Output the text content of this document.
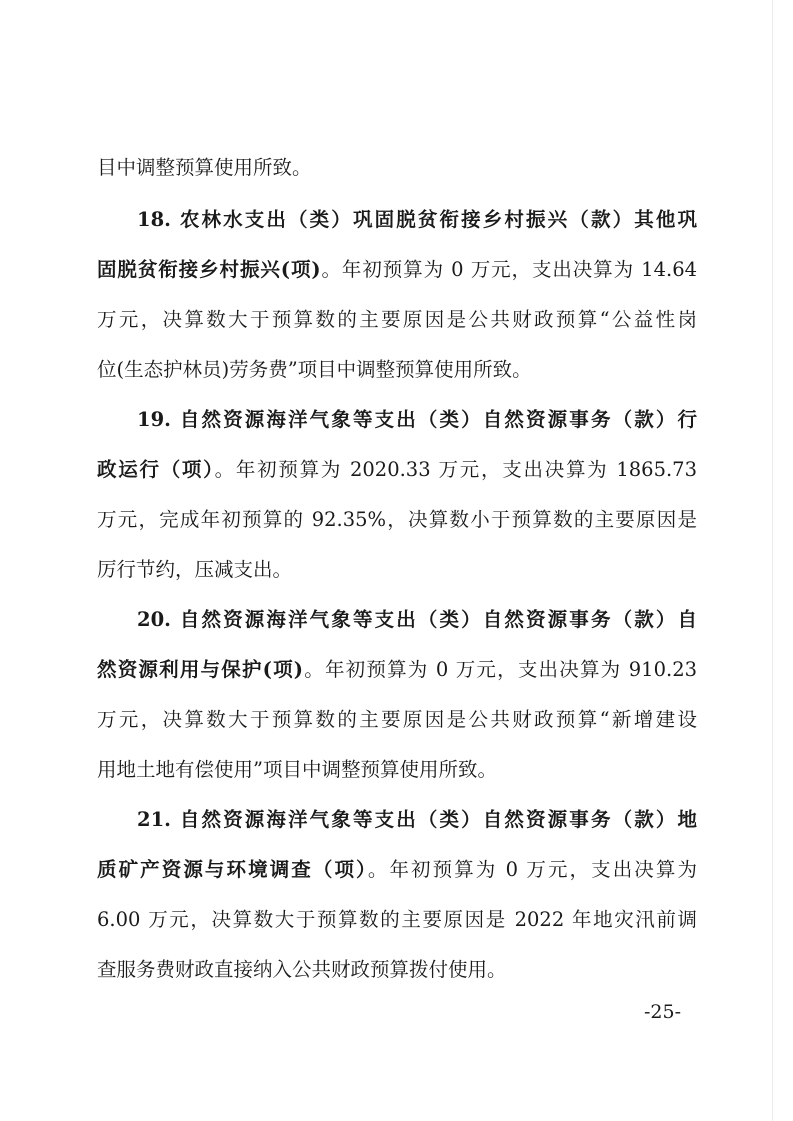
目中调整预算使用所致。
18. 农林水支出（类）巩固脱贫衔接乡村振兴（款）其他巩
固脱贫衔接乡村振兴(项)。年初预算为 0 万元，支出决算为 14.64
万元，决算数大于预算数的主要原因是公共财政预算“公益性岗
位(生态护林员)劳务费”项目中调整预算使用所致。
19. 自然资源海洋气象等支出（类）自然资源事务（款）行
政运行（项）。年初预算为 2020.33 万元，支出决算为 1865.73
万元，完成年初预算的 92.35%，决算数小于预算数的主要原因是
厉行节约，压减支出。
20. 自然资源海洋气象等支出（类）自然资源事务（款）自
然资源利用与保护(项)。年初预算为 0 万元，支出决算为 910.23
万元，决算数大于预算数的主要原因是公共财政预算“新增建设
用地土地有偿使用”项目中调整预算使用所致。
21. 自然资源海洋气象等支出（类）自然资源事务（款）地
质矿产资源与环境调查（项）。年初预算为 0 万元，支出决算为
6.00 万元，决算数大于预算数的主要原因是 2022 年地灾汛前调
查服务费财政直接纳入公共财政预算拨付使用。
-25-
